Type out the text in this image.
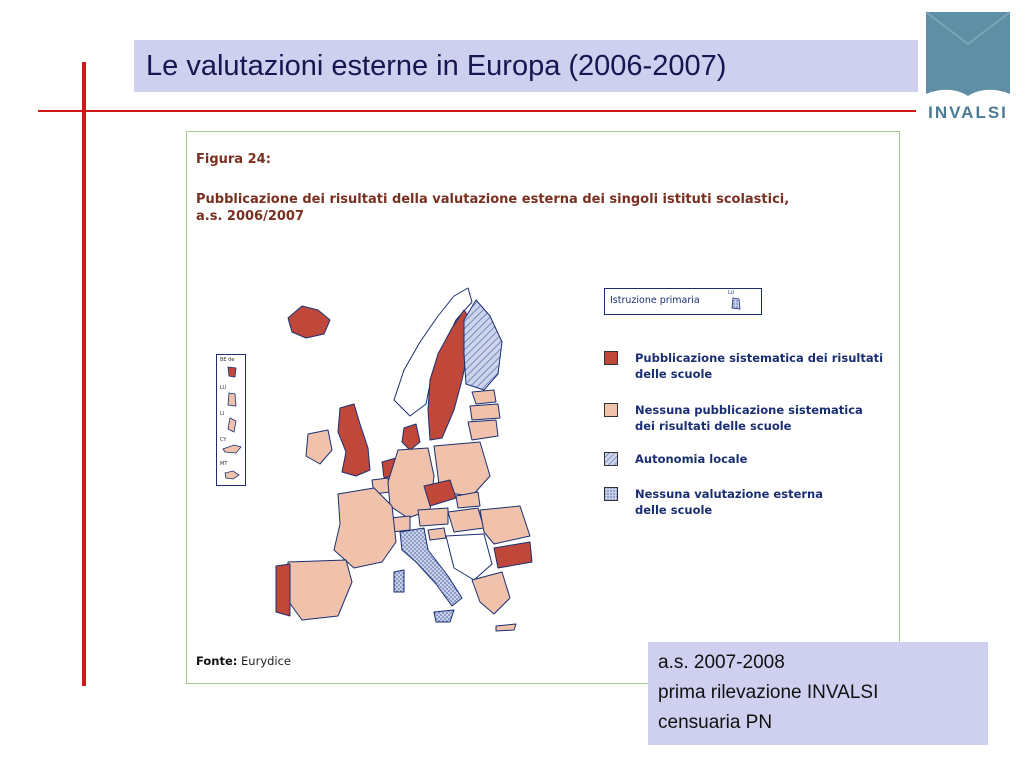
Le valutazioni esterne in Europa (2006-2007)
INVALSI
Figura 24:
Pubblicazione dei risultati della valutazione esterna dei singoli istituti scolastici, a.s. 2006/2007
BE de
LU
LI
CY
MT
Istruzione primaria
LU
Pubblicazione sistematica dei risultati delle scuole
Nessuna pubblicazione sistematica dei risultati delle scuole
Autonomia locale
Nessuna valutazione esterna delle scuole
Fonte: Eurydice	a.s. 2007-2008
prima rilevazione INVALSI
censuaria PN
